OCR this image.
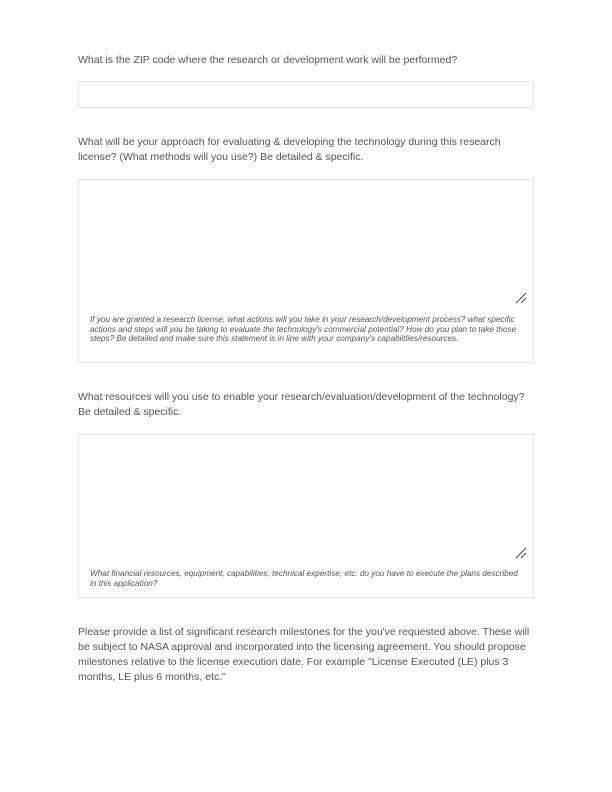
What is the ZIP code where the research or development work will be performed?

What will be your approach for evaluating & developing the technology during this research license? (What methods will you use?) Be detailed & specific.

If you are granted a research license, what actions will you take in your research/development process? what specific actions and steps will you be taking to evaluate the technology's commercial potential? How do you plan to take those steps? Be detailed and make sure this statement is in line with your company's capabiitlies/resources.

What resources will you use to enable your research/evaluation/development of the technology? Be detailed & specific.

What financial resources, equipment, capabilities, technical expertise, etc. do you have to execute the plans described in this application?

Please provide a list of significant research milestones for the you've requested above. These will be subject to NASA approval and incorporated into the licensing agreement. You should propose milestones relative to the license execution date. For example "License Executed (LE) plus 3 months, LE plus 6 months, etc."
